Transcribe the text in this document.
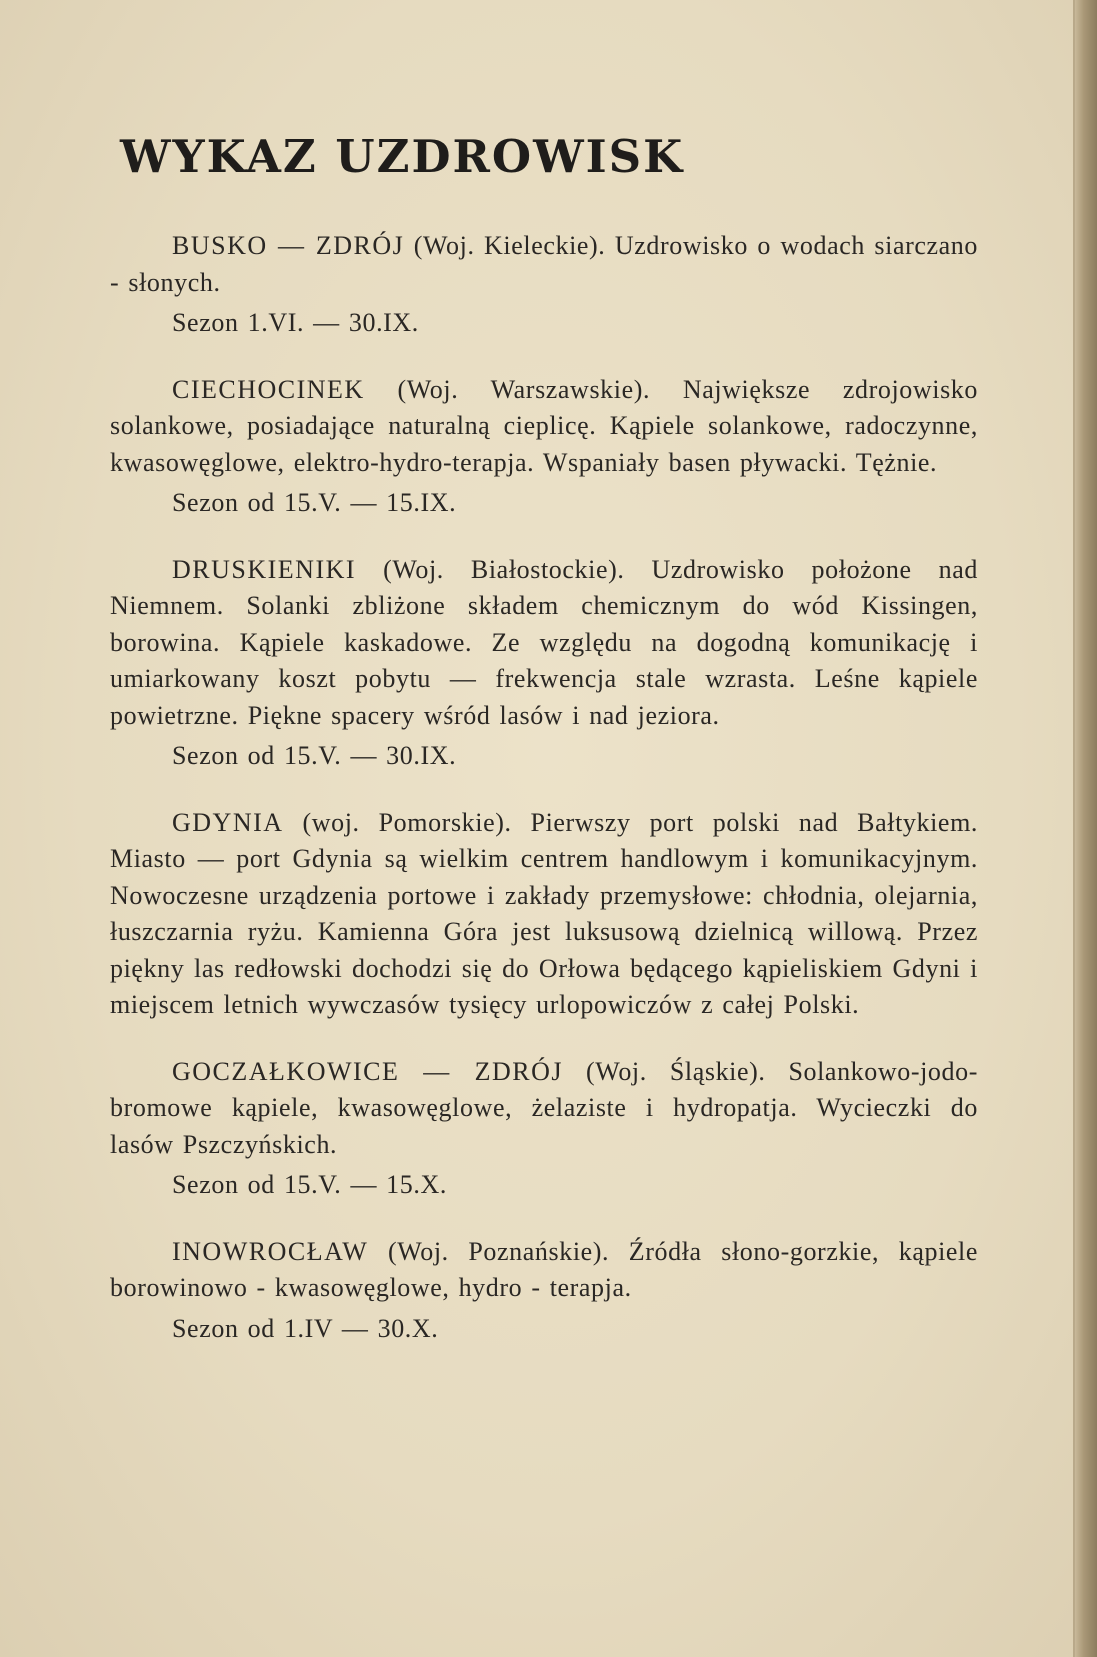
WYKAZ UZDROWISK

BUSKO — ZDRÓJ (Woj. Kieleckie). Uzdrowisko o wodach siarczano - słonych.

Sezon 1.VI. — 30.IX.

CIECHOCINEK (Woj. Warszawskie). Największe zdrojowisko solankowe, posiadające naturalną cieplicę. Kąpiele solankowe, radoczynne, kwasowęglowe, elektro-hydro-terapja. Wspaniały basen pływacki. Tężnie.

Sezon od 15.V. — 15.IX.

DRUSKIENIKI (Woj. Białostockie). Uzdrowisko położone nad Niemnem. Solanki zbliżone składem chemicznym do wód Kissingen, borowina. Kąpiele kaskadowe. Ze względu na dogodną komunikację i umiarkowany koszt pobytu — frekwencja stale wzrasta. Leśne kąpiele powietrzne. Piękne spacery wśród lasów i nad jeziora.

Sezon od 15.V. — 30.IX.

GDYNIA (woj. Pomorskie). Pierwszy port polski nad Bałtykiem. Miasto — port Gdynia są wielkim centrem handlowym i komunikacyjnym. Nowoczesne urządzenia portowe i zakłady przemysłowe: chłodnia, olejarnia, łuszczarnia ryżu. Kamienna Góra jest luksusową dzielnicą willową. Przez piękny las redłowski dochodzi się do Orłowa będącego kąpieliskiem Gdyni i miejscem letnich wywczasów tysięcy urlopowiczów z całej Polski.

GOCZAŁKOWICE — ZDRÓJ (Woj. Śląskie). Solankowo-jodo-bromowe kąpiele, kwasowęglowe, żelaziste i hydropatja. Wycieczki do lasów Pszczyńskich.

Sezon od 15.V. — 15.X.

INOWROCŁAW (Woj. Poznańskie). Źródła słono-gorzkie, kąpiele borowinowo - kwasowęglowe, hydro - terapja.

Sezon od 1.IV — 30.X.
